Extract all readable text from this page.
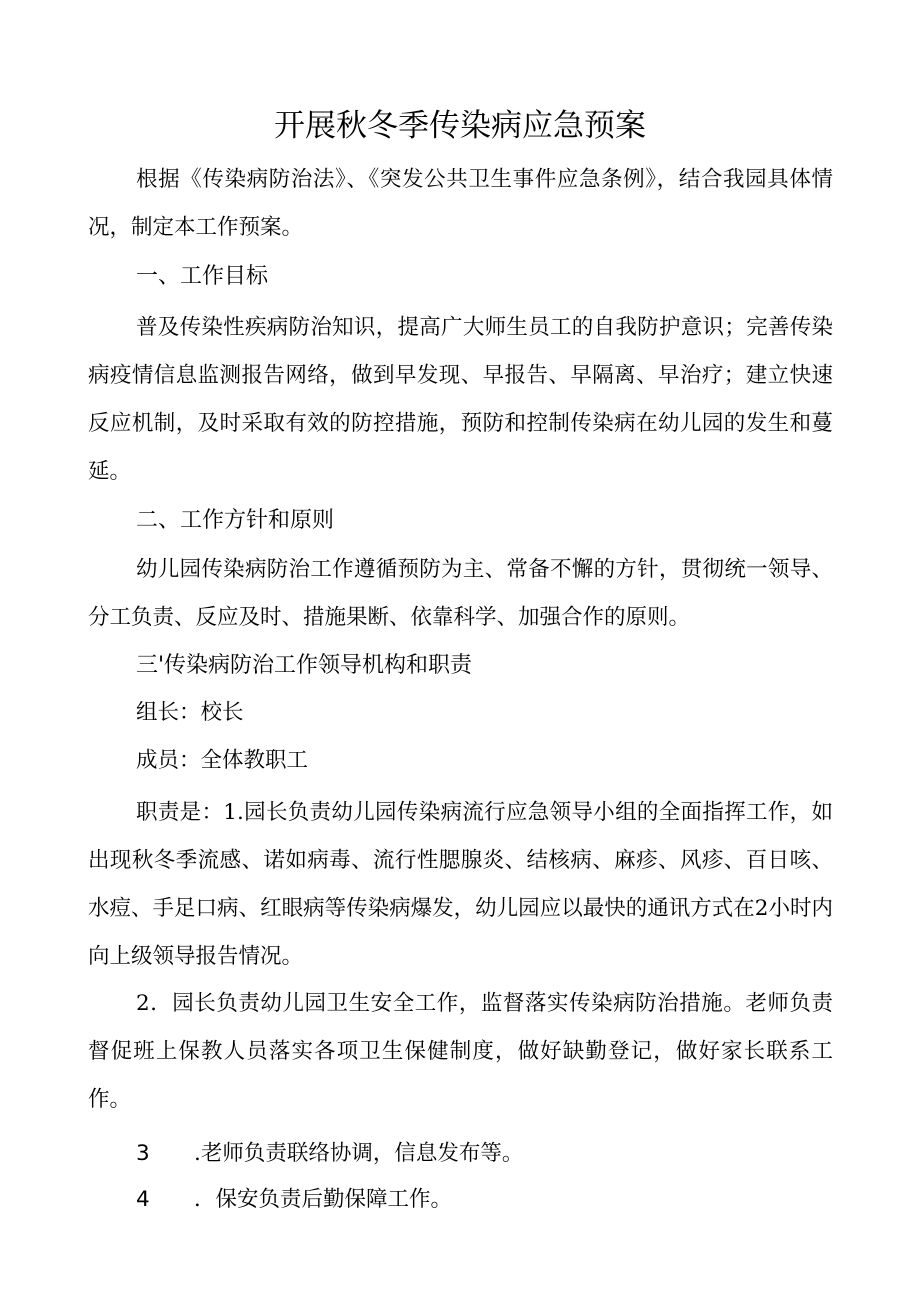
开展秋冬季传染病应急预案

根据《传染病防治法》、《突发公共卫生事件应急条例》，结合我园具体情况，制定本工作预案。

一、工作目标

普及传染性疾病防治知识，提高广大师生员工的自我防护意识；完善传染病疫情信息监测报告网络，做到早发现、早报告、早隔离、早治疗；建立快速反应机制，及时采取有效的防控措施，预防和控制传染病在幼儿园的发生和蔓延。

二、工作方针和原则

幼儿园传染病防治工作遵循预防为主、常备不懈的方针，贯彻统一领导、分工负责、反应及时、措施果断、依靠科学、加强合作的原则。

三'传染病防治工作领导机构和职责
组长：校长
成员：全体教职工

职责是：1.园长负责幼儿园传染病流行应急领导小组的全面指挥工作，如出现秋冬季流感、诺如病毒、流行性腮腺炎、结核病、麻疹、风疹、百日咳、水痘、手足口病、红眼病等传染病爆发，幼儿园应以最快的通讯方式在2小时内向上级领导报告情况。

2．园长负责幼儿园卫生安全工作，监督落实传染病防治措施。老师负责督促班上保教人员落实各项卫生保健制度，做好缺勤登记，做好家长联系工作。

3	.老师负责联络协调，信息发布等。
4	．保安负责后勤保障工作。
